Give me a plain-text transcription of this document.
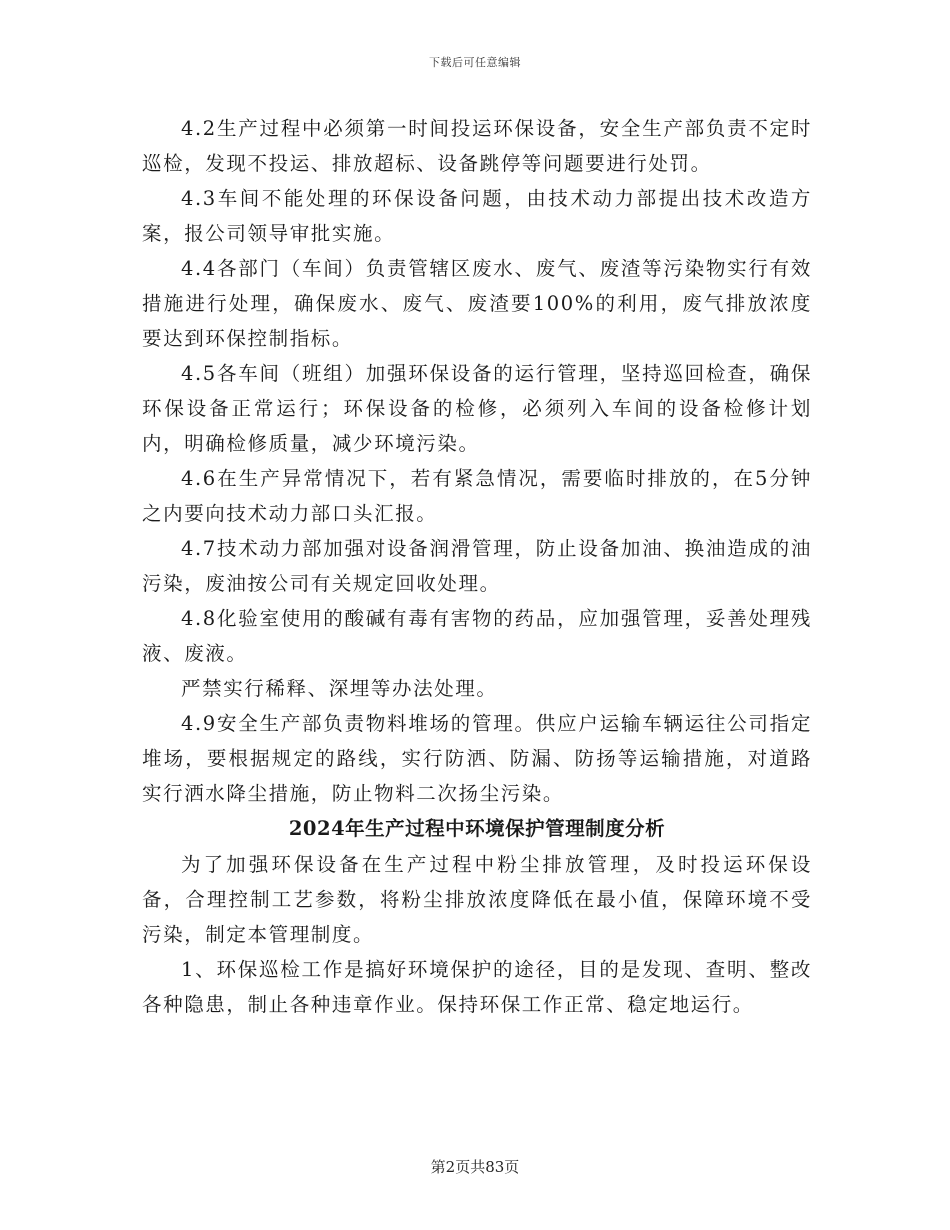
下载后可任意编辑

4.2生产过程中必须第一时间投运环保设备，安全生产部负责不定时巡检，发现不投运、排放超标、设备跳停等问题要进行处罚。

4.3车间不能处理的环保设备问题，由技术动力部提出技术改造方案，报公司领导审批实施。

4.4各部门（车间）负责管辖区废水、废气、废渣等污染物实行有效措施进行处理，确保废水、废气、废渣要100%的利用，废气排放浓度要达到环保控制指标。

4.5各车间（班组）加强环保设备的运行管理，坚持巡回检查，确保环保设备正常运行；环保设备的检修，必须列入车间的设备检修计划内，明确检修质量，减少环境污染。

4.6在生产异常情况下，若有紧急情况，需要临时排放的，在5分钟之内要向技术动力部口头汇报。

4.7技术动力部加强对设备润滑管理，防止设备加油、换油造成的油污染，废油按公司有关规定回收处理。

4.8化验室使用的酸碱有毒有害物的药品，应加强管理，妥善处理残液、废液。

严禁实行稀释、深埋等办法处理。

4.9安全生产部负责物料堆场的管理。供应户运输车辆运往公司指定堆场，要根据规定的路线，实行防洒、防漏、防扬等运输措施，对道路实行洒水降尘措施，防止物料二次扬尘污染。

2024年生产过程中环境保护管理制度分析

为了加强环保设备在生产过程中粉尘排放管理，及时投运环保设备，合理控制工艺参数，将粉尘排放浓度降低在最小值，保障环境不受污染，制定本管理制度。

1、环保巡检工作是搞好环境保护的途径，目的是发现、查明、整改各种隐患，制止各种违章作业。保持环保工作正常、稳定地运行。

第2页共83页
